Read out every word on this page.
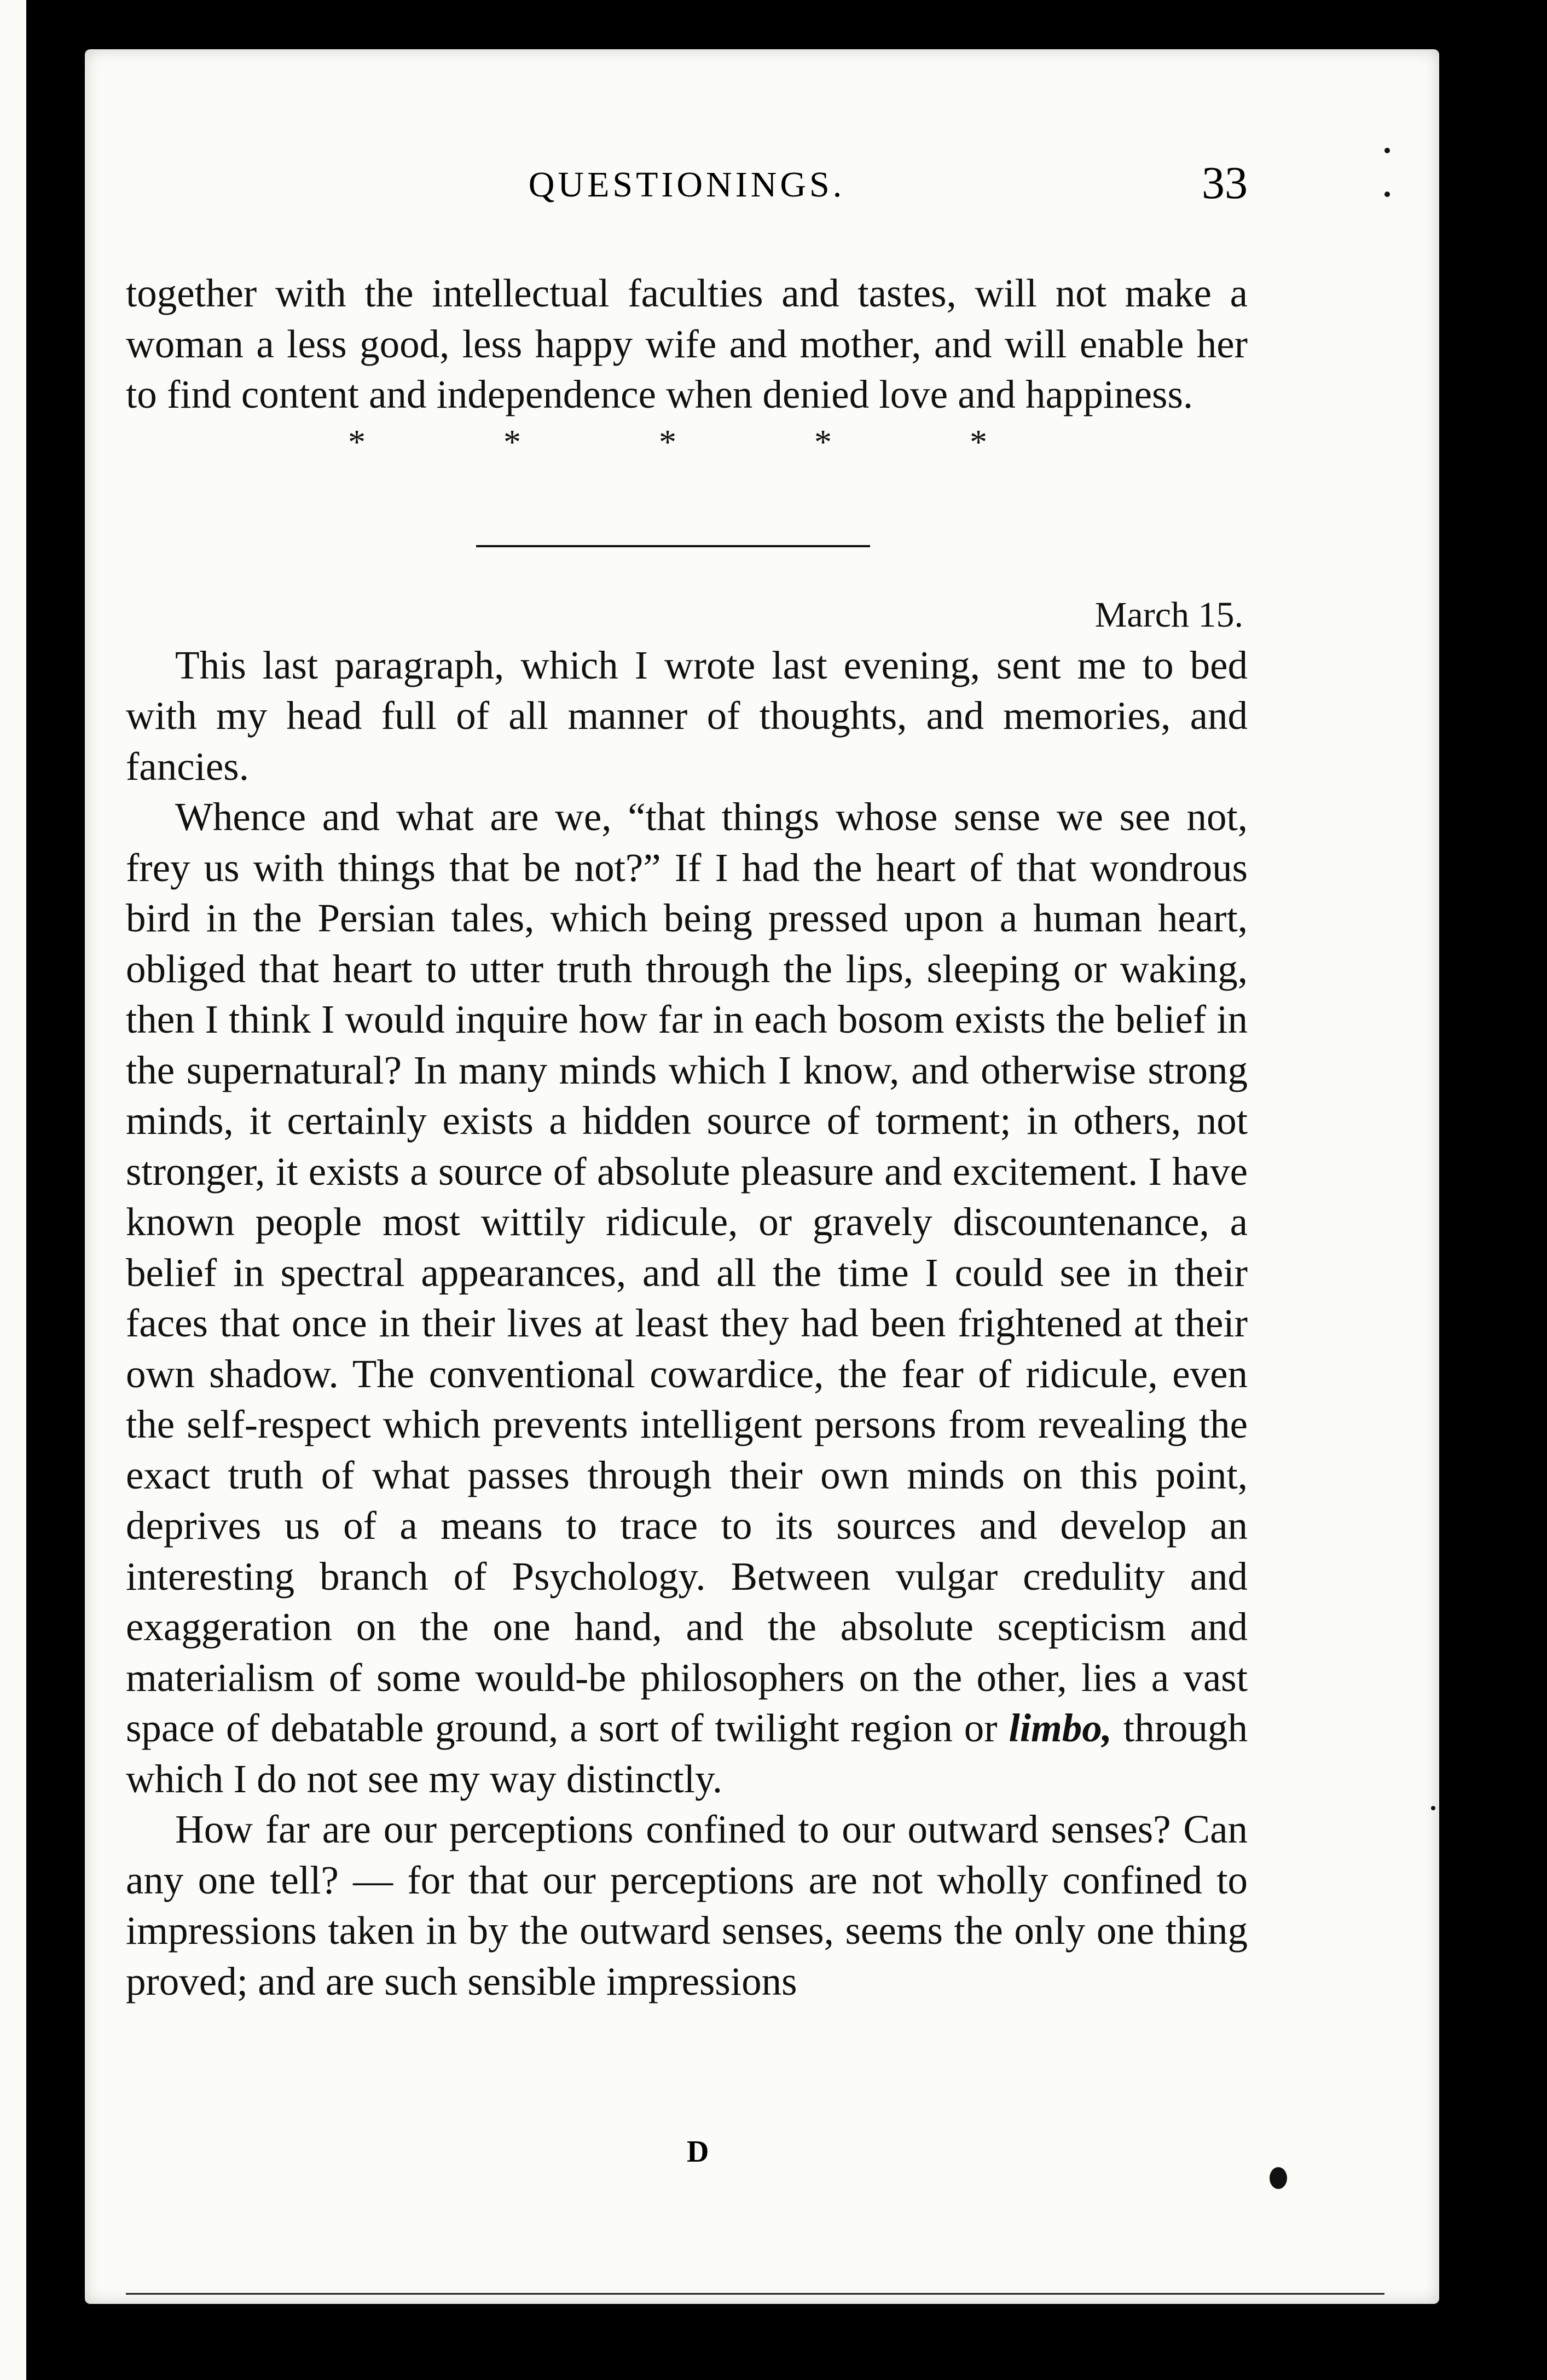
QUESTIONINGS.	33

together with the intellectual faculties and tastes, will not make a woman a less good, less happy wife and mother, and will enable her to find content and independence when denied love and happiness.

*	*	*	*	*
March 15.

This last paragraph, which I wrote last evening, sent me to bed with my head full of all manner of thoughts, and memories, and fancies.

Whence and what are we, “that things whose sense we see not, frey us with things that be not?” If I had the heart of that wondrous bird in the Persian tales, which being pressed upon a human heart, obliged that heart to utter truth through the lips, sleeping or waking, then I think I would inquire how far in each bosom exists the belief in the supernatural? In many minds which I know, and otherwise strong minds, it certainly exists a hidden source of torment; in others, not stronger, it exists a source of absolute pleasure and excitement. I have known people most wittily ridicule, or gravely discountenance, a belief in spectral appearances, and all the time I could see in their faces that once in their lives at least they had been frightened at their own shadow. The conventional cowardice, the fear of ridicule, even the self-respect which prevents intelligent persons from revealing the exact truth of what passes through their own minds on this point, deprives us of a means to trace to its sources and develop an interesting branch of Psychology. Between vulgar credulity and exaggeration on the one hand, and the absolute scepticism and materialism of some would-be philosophers on the other, lies a vast space of debatable ground, a sort of twilight region or limbo, through which I do not see my way distinctly.

How far are our perceptions confined to our outward senses? Can any one tell? — for that our perceptions are not wholly confined to impressions taken in by the outward senses, seems the only one thing proved; and are such sensible impressions

D
